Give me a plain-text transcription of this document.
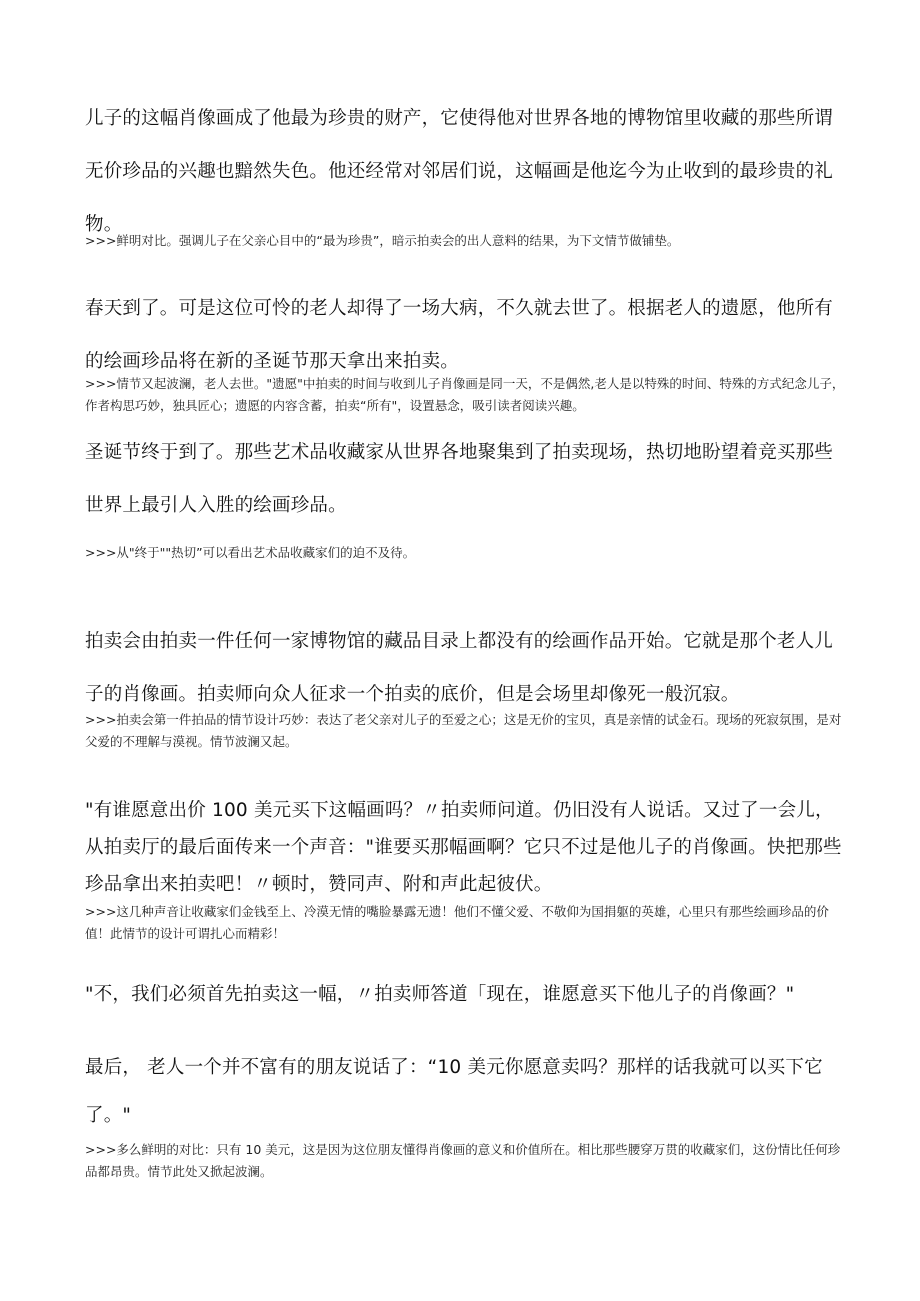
儿子的这幅肖像画成了他最为珍贵的财产，它使得他对世界各地的博物馆里收藏的那些所谓无价珍品的兴趣也黯然失色。他还经常对邻居们说，这幅画是他迄今为止收到的最珍贵的礼物。

>>>鲜明对比。强调儿子在父亲心目中的“最为珍贵”，暗示拍卖会的出人意料的结果，为下文情节做铺垫。

春天到了。可是这位可怜的老人却得了一场大病，不久就去世了。根据老人的遗愿，他所有的绘画珍品将在新的圣诞节那天拿出来拍卖。

>>>情节又起波澜，老人去世。"遗愿"中拍卖的时间与收到儿子肖像画是同一天，不是偶然,老人是以特殊的时间、特殊的方式纪念儿子，作者构思巧妙，独具匠心；遗愿的内容含蓄，拍卖“所有"，设置悬念，吸引读者阅读兴趣。

圣诞节终于到了。那些艺术品收藏家从世界各地聚集到了拍卖现场，热切地盼望着竞买那些世界上最引人入胜的绘画珍品。

>>>从"终于""热切”可以看出艺术品收藏家们的迫不及待。

拍卖会由拍卖一件任何一家博物馆的藏品目录上都没有的绘画作品开始。它就是那个老人儿子的肖像画。拍卖师向众人征求一个拍卖的底价，但是会场里却像死一般沉寂。

>>>拍卖会第一件拍品的情节设计巧妙：表达了老父亲对儿子的至爱之心；这是无价的宝贝，真是亲情的试金石。现场的死寂氛围，是对父爱的不理解与漠视。情节波澜又起。

"有谁愿意出价 100 美元买下这幅画吗？〃拍卖师问道。仍旧没有人说话。又过了一会儿，从拍卖厅的最后面传来一个声音："谁要买那幅画啊？它只不过是他儿子的肖像画。快把那些珍品拿出来拍卖吧！〃顿时，赞同声、附和声此起彼伏。

>>>这几种声音让收藏家们金钱至上、冷漠无情的嘴脸暴露无遗！他们不懂父爱、不敬仰为国捐躯的英雄，心里只有那些绘画珍品的价值！此情节的设计可谓扎心而精彩！

"不，我们必须首先拍卖这一幅，〃拍卖师答道「现在，谁愿意买下他儿子的肖像画？"

最后， 老人一个并不富有的朋友说话了：“10 美元你愿意卖吗？那样的话我就可以买下它了。"

>>>多么鲜明的对比：只有 10 美元，这是因为这位朋友懂得肖像画的意义和价值所在。相比那些腰穿万贯的收藏家们，这份情比任何珍品都昂贵。情节此处又掀起波澜。
